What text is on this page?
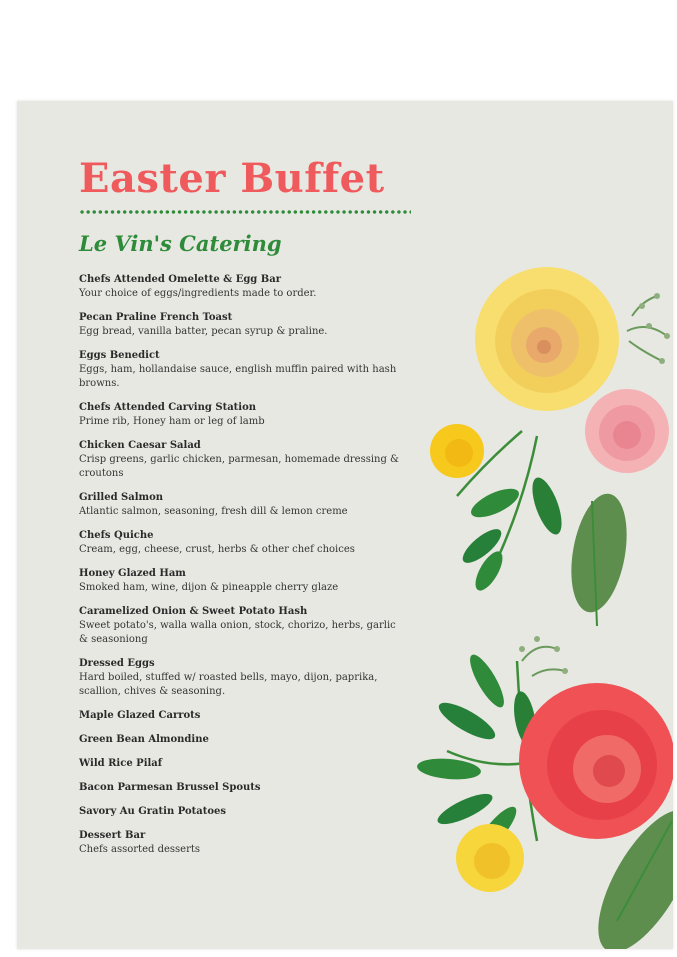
Easter Buffet
Le Vin's Catering
Chefs Attended Omelette & Egg Bar
Your choice of eggs/ingredients made to order.
Pecan Praline French Toast
Egg bread, vanilla batter, pecan syrup & praline.
Eggs Benedict
Eggs, ham, hollandaise sauce, english muffin paired with hash browns.
Chefs Attended Carving Station
Prime rib, Honey ham or leg of lamb
Chicken Caesar Salad
Crisp greens, garlic chicken, parmesan, homemade dressing & croutons
Grilled Salmon
Atlantic salmon, seasoning, fresh dill & lemon creme
Chefs Quiche
Cream, egg, cheese, crust, herbs & other chef choices
Honey Glazed Ham
Smoked ham, wine, dijon & pineapple cherry glaze
Caramelized Onion & Sweet Potato Hash
Sweet potato's, walla walla onion, stock, chorizo, herbs, garlic & seasoniong
Dressed Eggs
Hard boiled, stuffed w/ roasted bells, mayo, dijon, paprika, scallion, chives & seasoning.
Maple Glazed Carrots
Green Bean Almondine
Wild Rice Pilaf
Bacon Parmesan Brussel Spouts
Savory Au Gratin Potatoes
Dessert Bar
Chefs assorted desserts
